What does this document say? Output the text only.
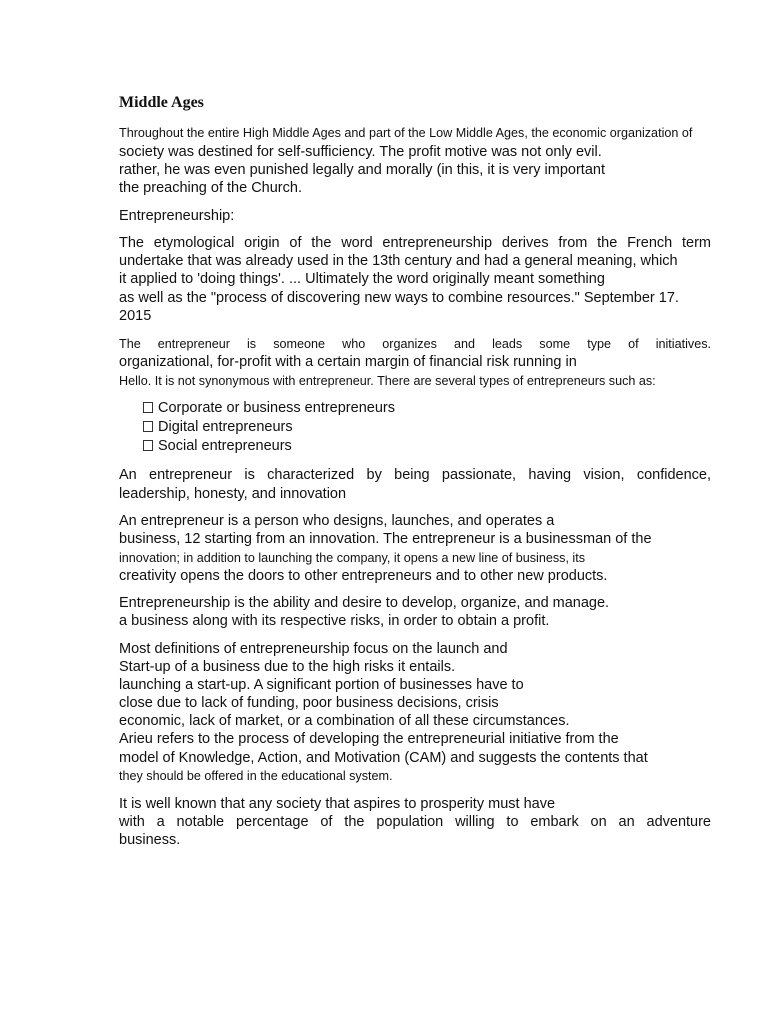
Middle Ages

Throughout the entire High Middle Ages and part of the Low Middle Ages, the economic organization of

society was destined for self-sufficiency. The profit motive was not only evil.

rather, he was even punished legally and morally (in this, it is very important

the preaching of the Church.

Entrepreneurship:

The etymological origin of the word entrepreneurship derives from the French term

undertake that was already used in the 13th century and had a general meaning, which

it applied to 'doing things'. ... Ultimately the word originally meant something

as well as the "process of discovering new ways to combine resources." September 17.

2015

The entrepreneur is someone who organizes and leads some type of initiatives.

organizational, for-profit with a certain margin of financial risk running in

Hello. It is not synonymous with entrepreneur. There are several types of entrepreneurs such as:

Corporate or business entrepreneurs

Digital entrepreneurs

Social entrepreneurs

An entrepreneur is characterized by being passionate, having vision, confidence,

leadership, honesty, and innovation

An entrepreneur is a person who designs, launches, and operates a

business, 12 starting from an innovation. The entrepreneur is a businessman of the

innovation; in addition to launching the company, it opens a new line of business, its

creativity opens the doors to other entrepreneurs and to other new products.

Entrepreneurship is the ability and desire to develop, organize, and manage.

a business along with its respective risks, in order to obtain a profit.

Most definitions of entrepreneurship focus on the launch and

Start-up of a business due to the high risks it entails.

launching a start-up. A significant portion of businesses have to

close due to lack of funding, poor business decisions, crisis

economic, lack of market, or a combination of all these circumstances.

Arieu refers to the process of developing the entrepreneurial initiative from the

model of Knowledge, Action, and Motivation (CAM) and suggests the contents that

they should be offered in the educational system.

It is well known that any society that aspires to prosperity must have

with a notable percentage of the population willing to embark on an adventure

business.
